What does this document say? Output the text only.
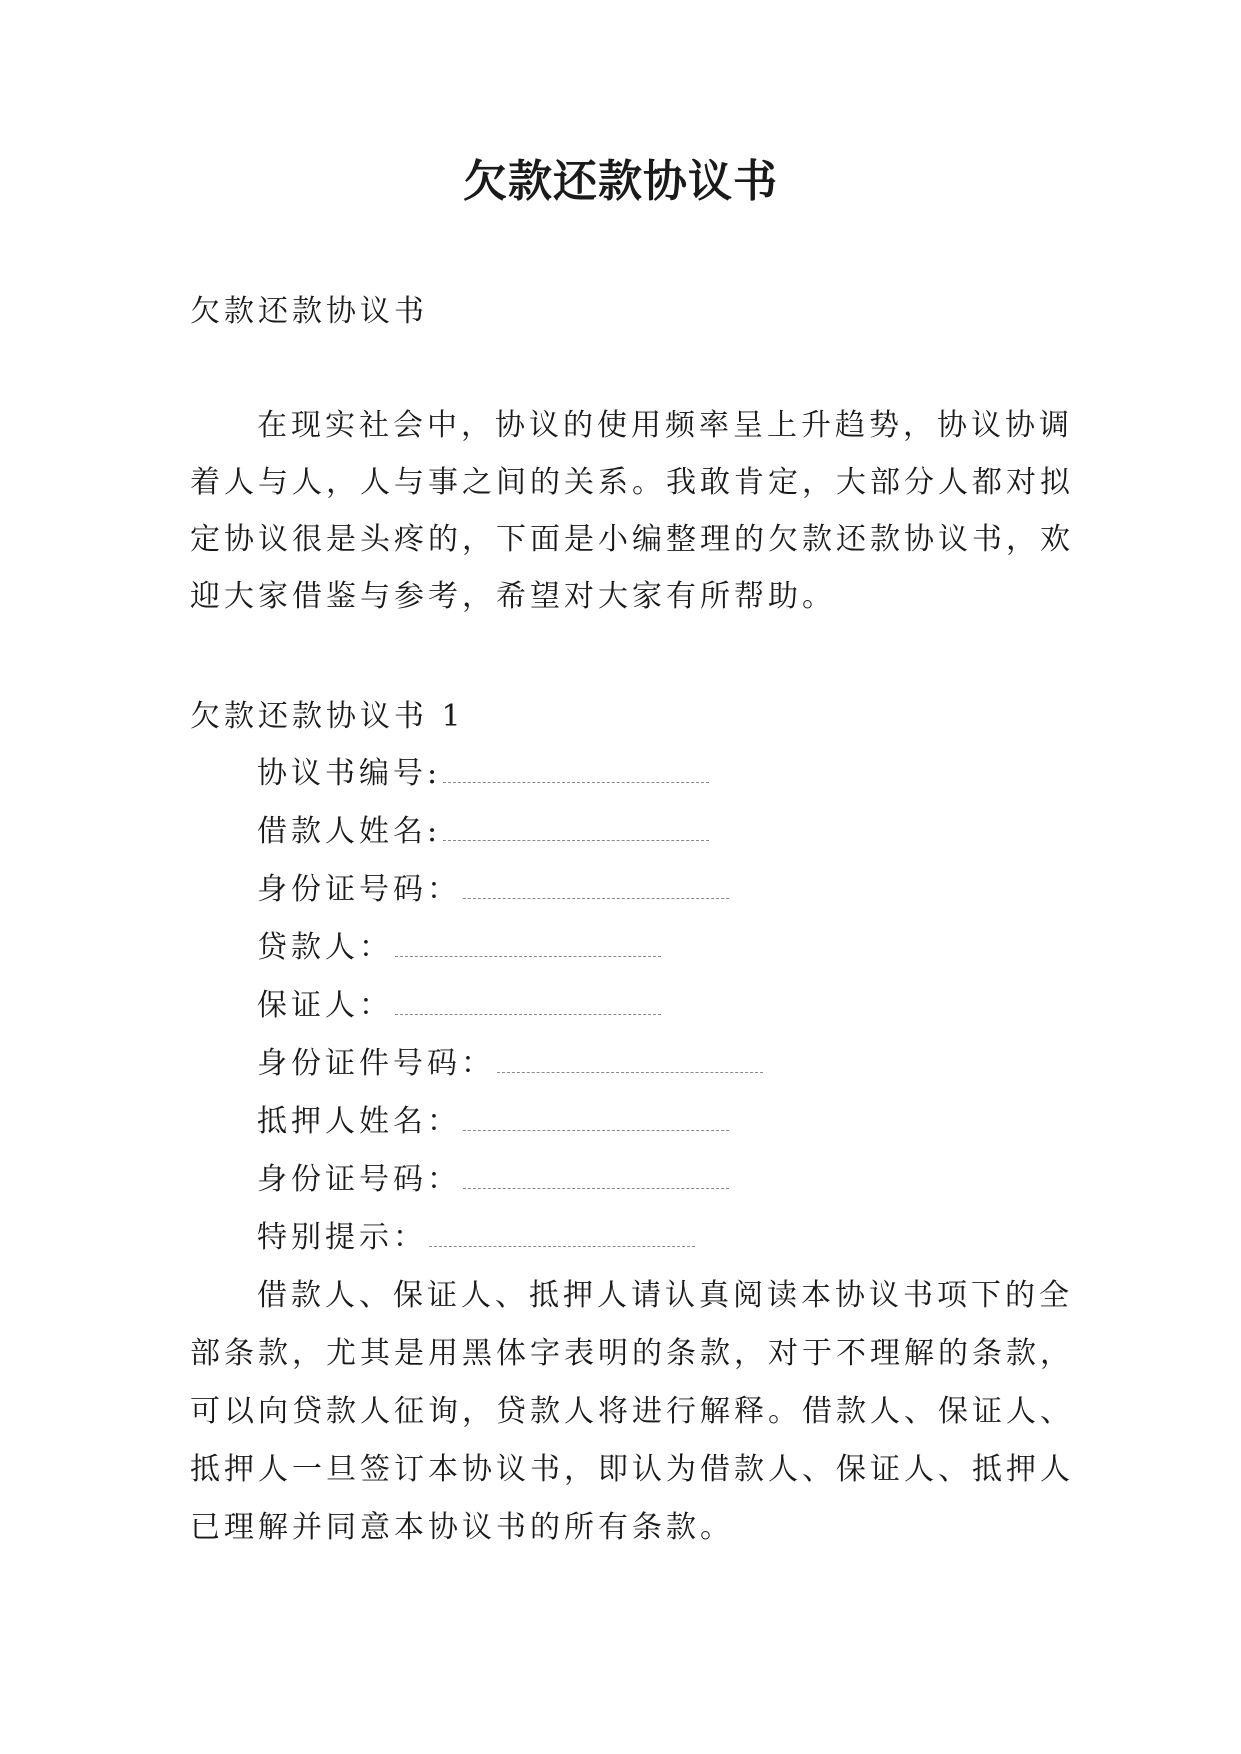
欠款还款协议书
欠款还款协议书
在现实社会中，协议的使用频率呈上升趋势，协议协调
着人与人，人与事之间的关系。我敢肯定，大部分人都对拟
定协议很是头疼的，下面是小编整理的欠款还款协议书，欢
迎大家借鉴与参考，希望对大家有所帮助。
欠款还款协议书 1
协议书编号:
借款人姓名:
身份证号码：
贷款人：
保证人：
身份证件号码：
抵押人姓名：
身份证号码：
特别提示：
借款人、保证人、抵押人请认真阅读本协议书项下的全
部条款，尤其是用黑体字表明的条款，对于不理解的条款，
可以向贷款人征询，贷款人将进行解释。借款人、保证人、
抵押人一旦签订本协议书，即认为借款人、保证人、抵押人
已理解并同意本协议书的所有条款。
